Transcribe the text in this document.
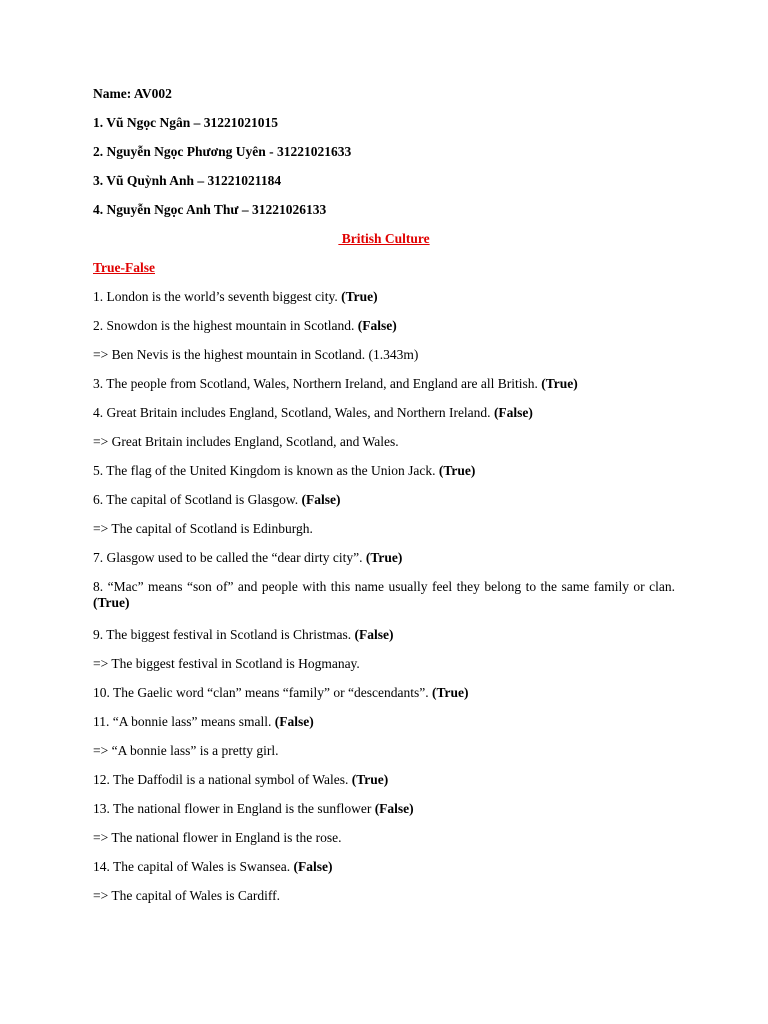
Name: AV002

1. Vũ Ngọc Ngân – 31221021015

2. Nguyễn Ngọc Phương Uyên - 31221021633

3. Vũ Quỳnh Anh – 31221021184

4. Nguyễn Ngọc Anh Thư – 31221026133

British Culture

True-False

1. London is the world’s seventh biggest city. (True)

2. Snowdon is the highest mountain in Scotland. (False)

=> Ben Nevis is the highest mountain in Scotland. (1.343m)

3. The people from Scotland, Wales, Northern Ireland, and England are all British. (True)

4. Great Britain includes England, Scotland, Wales, and Northern Ireland. (False)

=> Great Britain includes England, Scotland, and Wales.

5. The flag of the United Kingdom is known as the Union Jack. (True)

6. The capital of Scotland is Glasgow. (False)

=> The capital of Scotland is Edinburgh.

7. Glasgow used to be called the “dear dirty city”. (True)

8. “Mac” means “son of” and people with this name usually feel they belong to the same family or clan. (True)

9. The biggest festival in Scotland is Christmas. (False)

=> The biggest festival in Scotland is Hogmanay.

10. The Gaelic word “clan” means “family” or “descendants”. (True)

11. “A bonnie lass” means small. (False)

=> “A bonnie lass” is a pretty girl.

12. The Daffodil is a national symbol of Wales. (True)

13. The national flower in England is the sunflower (False)

=> The national flower in England is the rose.

14. The capital of Wales is Swansea. (False)

=> The capital of Wales is Cardiff.
